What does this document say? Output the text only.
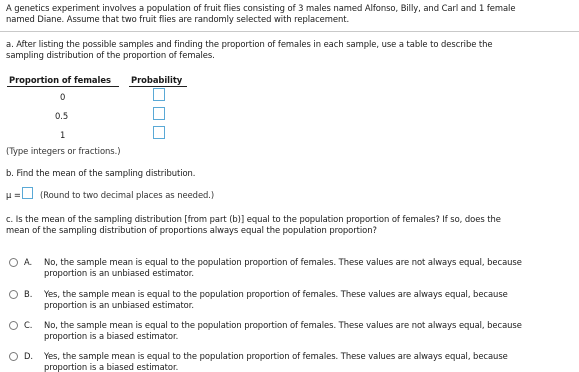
A genetics experiment involves a population of fruit flies consisting of 3 males named Alfonso, Billy, and Carl and 1 female
named Diane. Assume that two fruit flies are randomly selected with replacement.
a. After listing the possible samples and finding the proportion of females in each sample, use a table to describe the
sampling distribution of the proportion of females.
Proportion of females Probability
0
0.5
1
(Type integers or fractions.)
b. Find the mean of the sampling distribution.
μ = (Round to two decimal places as needed.)
c. Is the mean of the sampling distribution [from part (b)] equal to the population proportion of females? If so, does the
mean of the sampling distribution of proportions always equal the population proportion?
A. No, the sample mean is equal to the population proportion of females. These values are not always equal, because
proportion is an unbiased estimator.
B. Yes, the sample mean is equal to the population proportion of females. These values are always equal, because
proportion is an unbiased estimator.
C. No, the sample mean is equal to the population proportion of females. These values are not always equal, because
proportion is a biased estimator.
D. Yes, the sample mean is equal to the population proportion of females. These values are always equal, because
proportion is a biased estimator.
